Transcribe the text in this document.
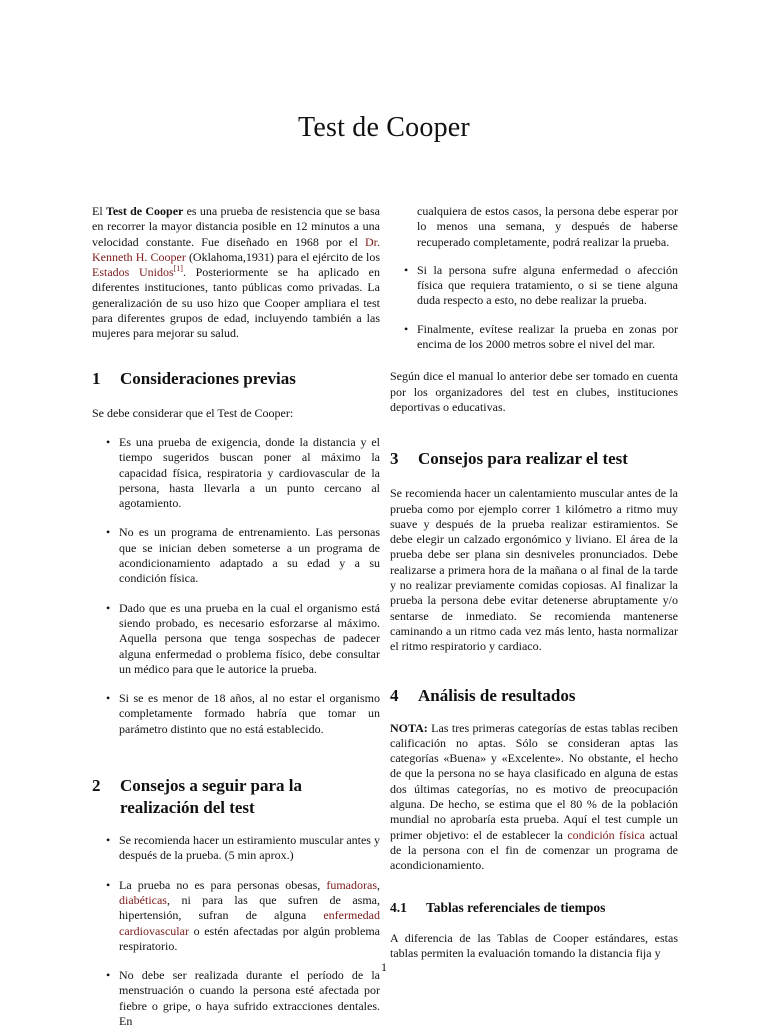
Test de Cooper

El Test de Cooper es una prueba de resistencia que se basa en recorrer la mayor distancia posible en 12 minutos a una velocidad constante. Fue diseñado en 1968 por el Dr. Kenneth H. Cooper (Oklahoma,1931) para el ejército de los Estados Unidos[1]. Posteriormente se ha aplicado en diferentes instituciones, tanto públicas como privadas. La generalización de su uso hizo que Cooper ampliara el test para diferentes grupos de edad, incluyendo también a las mujeres para mejorar su salud.

1	Consideraciones previas

Se debe considerar que el Test de Cooper:

• Es una prueba de exigencia, donde la distancia y el tiempo sugeridos buscan poner al máximo la capacidad física, respiratoria y cardiovascular de la persona, hasta llevarla a un punto cercano al agotamiento.
• No es un programa de entrenamiento. Las personas que se inician deben someterse a un programa de acondicionamiento adaptado a su edad y a su condición física.
• Dado que es una prueba en la cual el organismo está siendo probado, es necesario esforzarse al máximo. Aquella persona que tenga sospechas de padecer alguna enfermedad o problema físico, debe consultar un médico para que le autorice la prueba.
• Si se es menor de 18 años, al no estar el organismo completamente formado habría que tomar un parámetro distinto que no está establecido.
2	Consejos a seguir para la realización del test
• Se recomienda hacer un estiramiento muscular antes y después de la prueba. (5 min aprox.)
• La prueba no es para personas obesas, fumadoras, diabéticas, ni para las que sufren de asma, hipertensión, sufran de alguna enfermedad cardiovascular o estén afectadas por algún problema respiratorio.
• No debe ser realizada durante el período de la menstruación o cuando la persona esté afectada por fiebre o gripe, o haya sufrido extracciones dentales. En

cualquiera de estos casos, la persona debe esperar por lo menos una semana, y después de haberse recuperado completamente, podrá realizar la prueba.

• Si la persona sufre alguna enfermedad o afección física que requiera tratamiento, o si se tiene alguna duda respecto a esto, no debe realizar la prueba.
• Finalmente, evítese realizar la prueba en zonas por encima de los 2000 metros sobre el nivel del mar.

Según dice el manual lo anterior debe ser tomado en cuenta por los organizadores del test en clubes, instituciones deportivas o educativas.

3	Consejos para realizar el test

Se recomienda hacer un calentamiento muscular antes de la prueba como por ejemplo correr 1 kilómetro a ritmo muy suave y después de la prueba realizar estiramientos. Se debe elegir un calzado ergonómico y liviano. El área de la prueba debe ser plana sin desniveles pronunciados. Debe realizarse a primera hora de la mañana o al final de la tarde y no realizar previamente comidas copiosas. Al finalizar la prueba la persona debe evitar detenerse abruptamente y/o sentarse de inmediato. Se recomienda mantenerse caminando a un ritmo cada vez más lento, hasta normalizar el ritmo respiratorio y cardiaco.

4	Análisis de resultados

NOTA: Las tres primeras categorías de estas tablas reciben calificación no aptas. Sólo se consideran aptas las categorías «Buena» y «Excelente». No obstante, el hecho de que la persona no se haya clasificado en alguna de estas dos últimas categorías, no es motivo de preocupación alguna. De hecho, se estima que el 80 % de la población mundial no aprobaría esta prueba. Aquí el test cumple un primer objetivo: el de establecer la condición física actual de la persona con el fin de comenzar un programa de acondicionamiento.

4.1	Tablas referenciales de tiempos

A diferencia de las Tablas de Cooper estándares, estas tablas permiten la evaluación tomando la distancia fija y

1
